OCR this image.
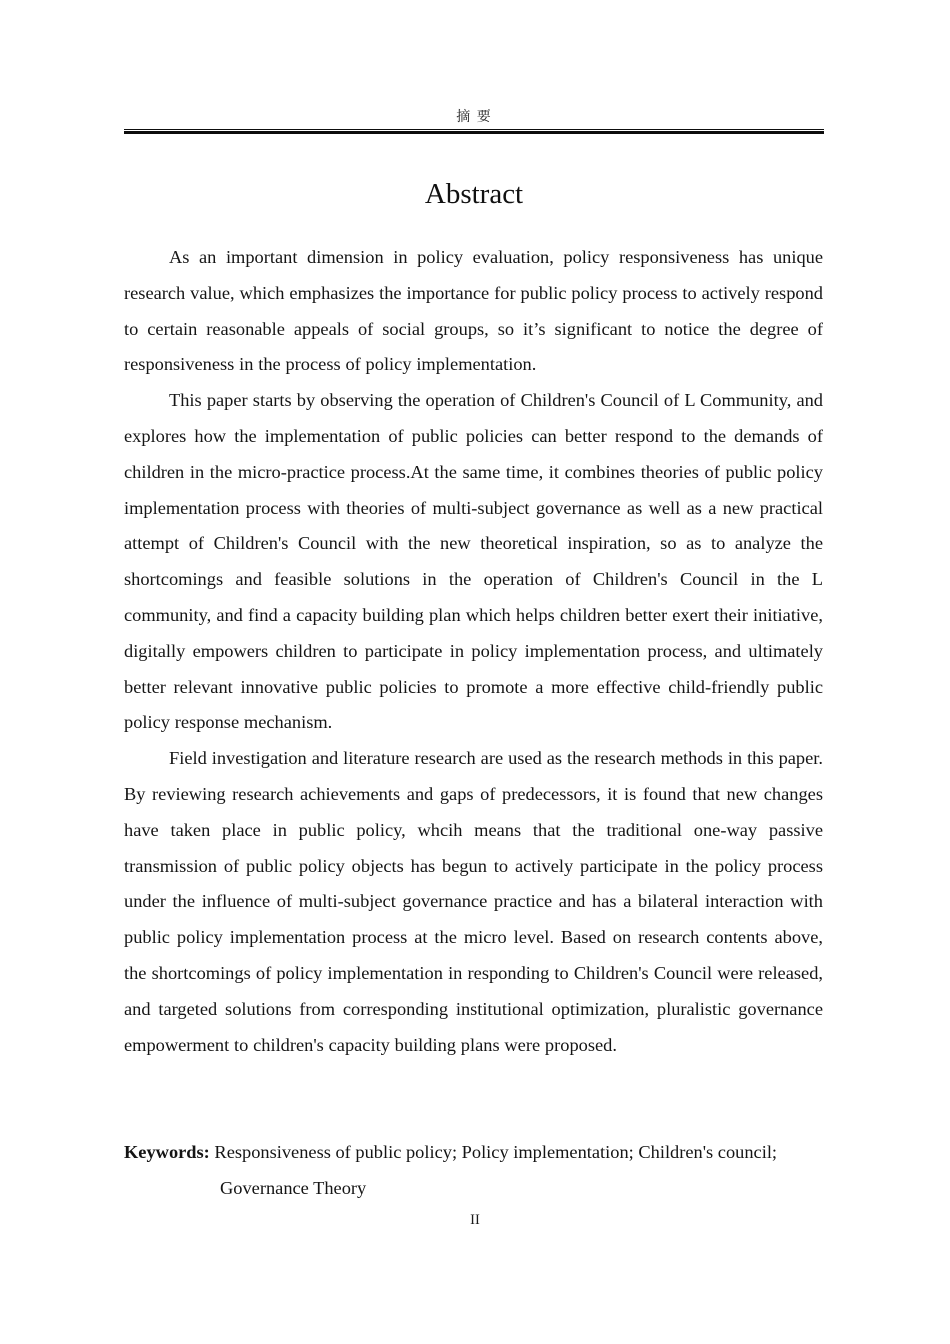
摘 要
Abstract

As an important dimension in policy evaluation, policy responsiveness has unique research value, which emphasizes the importance for public policy process to actively respond to certain reasonable appeals of social groups, so it’s significant to notice the degree of responsiveness in the process of policy implementation.

This paper starts by observing the operation of Children's Council of L Community, and explores how the implementation of public policies can better respond to the demands of children in the micro-practice process.At the same time, it combines theories of public policy implementation process with theories of multi-subject governance as well as a new practical attempt of Children's Council with the new theoretical inspiration, so as to analyze the shortcomings and feasible solutions in the operation of Children's Council in the L community, and find a capacity building plan which helps children better exert their initiative, digitally empowers children to participate in policy implementation process, and ultimately better relevant innovative public policies to promote a more effective child-friendly public policy response mechanism.

Field investigation and literature research are used as the research methods in this paper. By reviewing research achievements and gaps of predecessors, it is found that new changes have taken place in public policy, whcih means that the traditional one-way passive transmission of public policy objects has begun to actively participate in the policy process under the influence of multi-subject governance practice and has a bilateral interaction with public policy implementation process at the micro level. Based on research contents above, the shortcomings of policy implementation in responding to Children's Council were released, and targeted solutions from corresponding institutional optimization, pluralistic governance empowerment to children's capacity building plans were proposed.

Keywords: Responsiveness of public policy; Policy implementation; Children's council;

Governance Theory

II
